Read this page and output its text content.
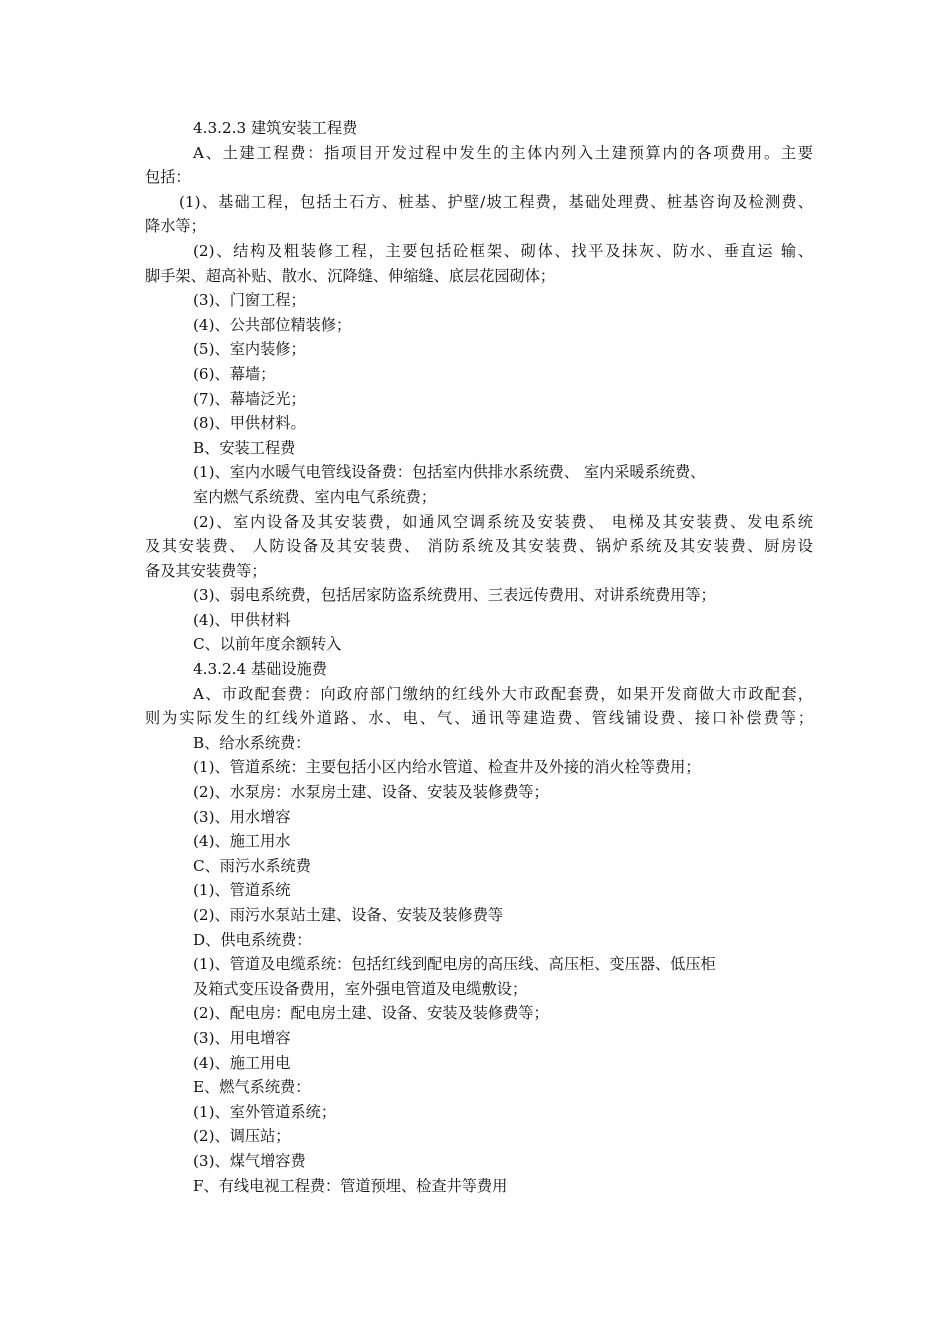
4.3.2.3 建筑安装工程费
A、土建工程费：指项目开发过程中发生的主体内列入土建预算内的各项费用。主要
包括：
(1)、基础工程，包括土石方、桩基、护壁/坡工程费，基础处理费、桩基咨询及检测费、
降水等；
(2)、结构及粗装修工程，主要包括砼框架、砌体、找平及抹灰、防水、垂直运 输、
脚手架、超高补贴、散水、沉降缝、伸缩缝、底层花园砌体；
(3)、门窗工程；
(4)、公共部位精装修；
(5)、室内装修；
(6)、幕墙；
(7)、幕墙泛光；
(8)、甲供材料。
B、安装工程费
(1)、室内水暖气电管线设备费：包括室内供排水系统费、 室内采暖系统费、
室内燃气系统费、室内电气系统费；
(2)、室内设备及其安装费，如通风空调系统及安装费、 电梯及其安装费、发电系统
及其安装费、 人防设备及其安装费、 消防系统及其安装费、锅炉系统及其安装费、厨房设
备及其安装费等；
(3)、弱电系统费，包括居家防盗系统费用、三表远传费用、对讲系统费用等；
(4)、甲供材料
C、以前年度余额转入
4.3.2.4 基础设施费
A、市政配套费：向政府部门缴纳的红线外大市政配套费，如果开发商做大市政配套，
则为实际发生的红线外道路、水、电、气、通讯等建造费、管线铺设费、接口补偿费等；
B、给水系统费：
(1)、管道系统：主要包括小区内给水管道、检查井及外接的消火栓等费用；
(2)、水泵房：水泵房土建、设备、安装及装修费等；
(3)、用水增容
(4)、施工用水
C、雨污水系统费
(1)、管道系统
(2)、雨污水泵站土建、设备、安装及装修费等
D、供电系统费：
(1)、管道及电缆系统：包括红线到配电房的高压线、高压柜、变压器、低压柜
及箱式变压设备费用，室外强电管道及电缆敷设；
(2)、配电房：配电房土建、设备、安装及装修费等；
(3)、用电增容
(4)、施工用电
E、燃气系统费：
(1)、室外管道系统；
(2)、调压站；
(3)、煤气增容费
F、有线电视工程费：管道预埋、检查井等费用
